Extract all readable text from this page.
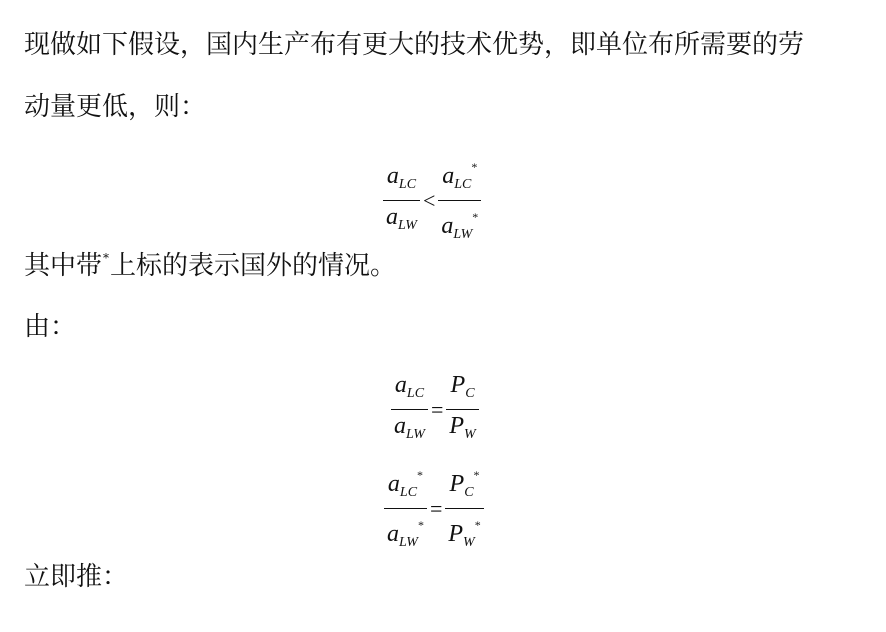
现做如下假设，国内生产布有更大的技术优势，即单位布所需要的劳
动量更低，则：
$\frac{a_{LC}}{a_{LW}} < \frac{a_{LC}^*}{a_{LW}^*}$
其中带*上标的表示国外的情况。
由：
$\frac{a_{LC}}{a_{LW}} = \frac{P_C}{P_W}$
$\frac{a_{LC}^*}{a_{LW}^*} = \frac{P_C^*}{P_W^*}$
立即推：
